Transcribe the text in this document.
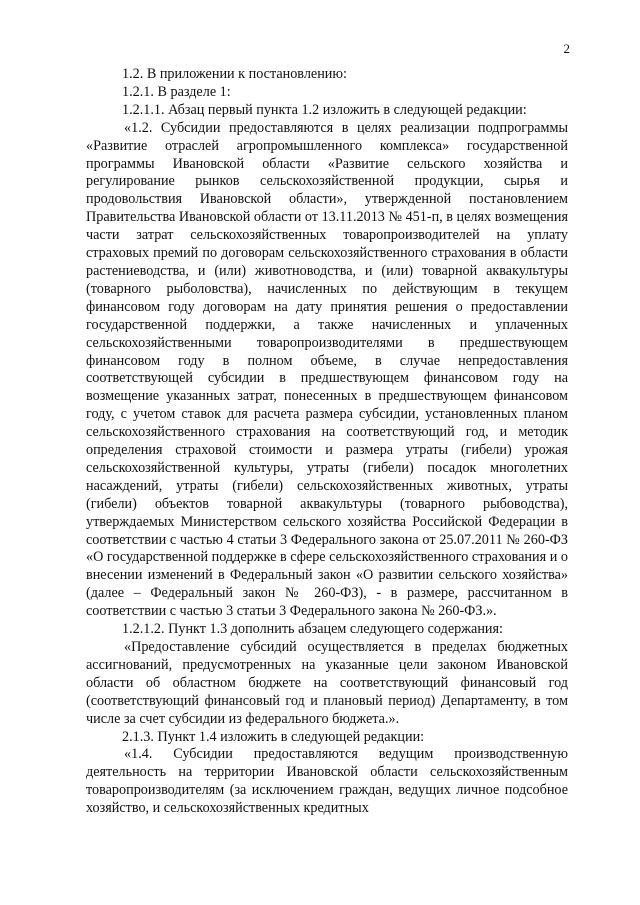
2

1.2. В приложении к постановлению:

1.2.1. В разделе 1:

1.2.1.1. Абзац первый пункта 1.2 изложить в следующей редакции:

«1.2. Субсидии предоставляются в целях реализации подпрограммы «Развитие отраслей агропромышленного комплекса» государственной программы Ивановской области «Развитие сельского хозяйства и регулирование рынков сельскохозяйственной продукции, сырья и продовольствия Ивановской области», утвержденной постановлением Правительства Ивановской области от 13.11.2013 № 451-п, в целях возмещения части затрат сельскохозяйственных товаропроизводителей на уплату страховых премий по договорам сельскохозяйственного страхования в области растениеводства, и (или) животноводства, и (или) товарной аквакультуры (товарного рыболовства), начисленных по действующим в текущем финансовом году договорам на дату принятия решения о предоставлении государственной поддержки, а также начисленных и уплаченных сельскохозяйственными товаропроизводителями в предшествующем финансовом году в полном объеме, в случае непредоставления соответствующей субсидии в предшествующем финансовом году на возмещение указанных затрат, понесенных в предшествующем финансовом году, с учетом ставок для расчета размера субсидии, установленных планом сельскохозяйственного страхования на соответствующий год, и методик определения страховой стоимости и размера утраты (гибели) урожая сельскохозяйственной культуры, утраты (гибели) посадок многолетних насаждений, утраты (гибели) сельскохозяйственных животных, утраты (гибели) объектов товарной аквакультуры (товарного рыбоводства), утверждаемых Министерством сельского хозяйства Российской Федерации в соответствии с частью 4 статьи 3 Федерального закона от 25.07.2011 № 260-ФЗ «О государственной поддержке в сфере сельскохозяйственного страхования и о внесении изменений в Федеральный закон «О развитии сельского хозяйства» (далее – Федеральный закон № 260-ФЗ), - в размере, рассчитанном в соответствии с частью 3 статьи 3 Федерального закона № 260-ФЗ.».

1.2.1.2. Пункт 1.3 дополнить абзацем следующего содержания:

«Предоставление субсидий осуществляется в пределах бюджетных ассигнований, предусмотренных на указанные цели законом Ивановской области об областном бюджете на соответствующий финансовый год (соответствующий финансовый год и плановый период) Департаменту, в том числе за счет субсидии из федерального бюджета.».

2.1.3. Пункт 1.4 изложить в следующей редакции:

«1.4. Субсидии предоставляются ведущим производственную деятельность на территории Ивановской области сельскохозяйственным товаропроизводителям (за исключением граждан, ведущих личное подсобное хозяйство, и сельскохозяйственных кредитных
